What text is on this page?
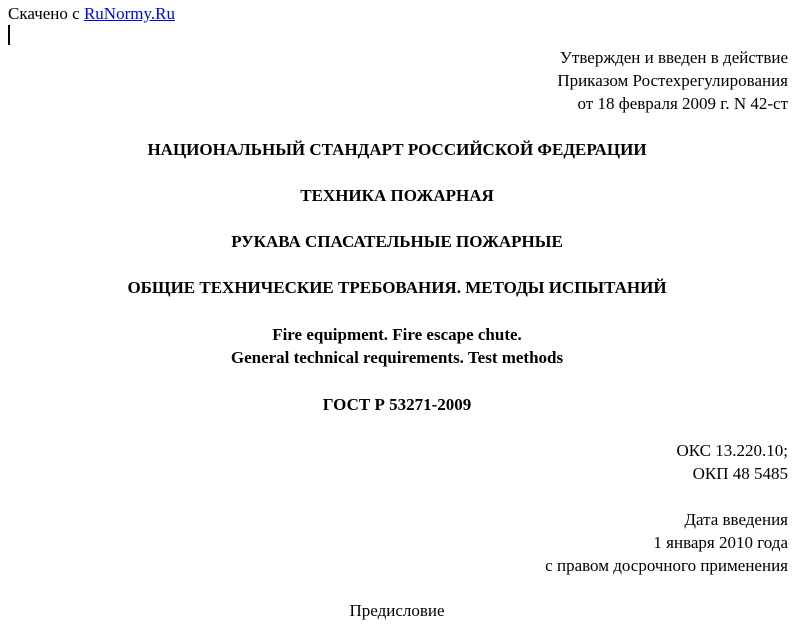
Скачено с RuNormy.Ru
Утвержден и введен в действие
Приказом Ростехрегулирования
от 18 февраля 2009 г. N 42-ст
НАЦИОНАЛЬНЫЙ СТАНДАРТ РОССИЙСКОЙ ФЕДЕРАЦИИ
ТЕХНИКА ПОЖАРНАЯ
РУКАВА СПАСАТЕЛЬНЫЕ ПОЖАРНЫЕ
ОБЩИЕ ТЕХНИЧЕСКИЕ ТРЕБОВАНИЯ. МЕТОДЫ ИСПЫТАНИЙ
Fire equipment. Fire escape chute.
General technical requirements. Test methods
ГОСТ Р 53271-2009
ОКС 13.220.10;
ОКП 48 5485
Дата введения
1 января 2010 года
с правом досрочного применения
Предисловие
